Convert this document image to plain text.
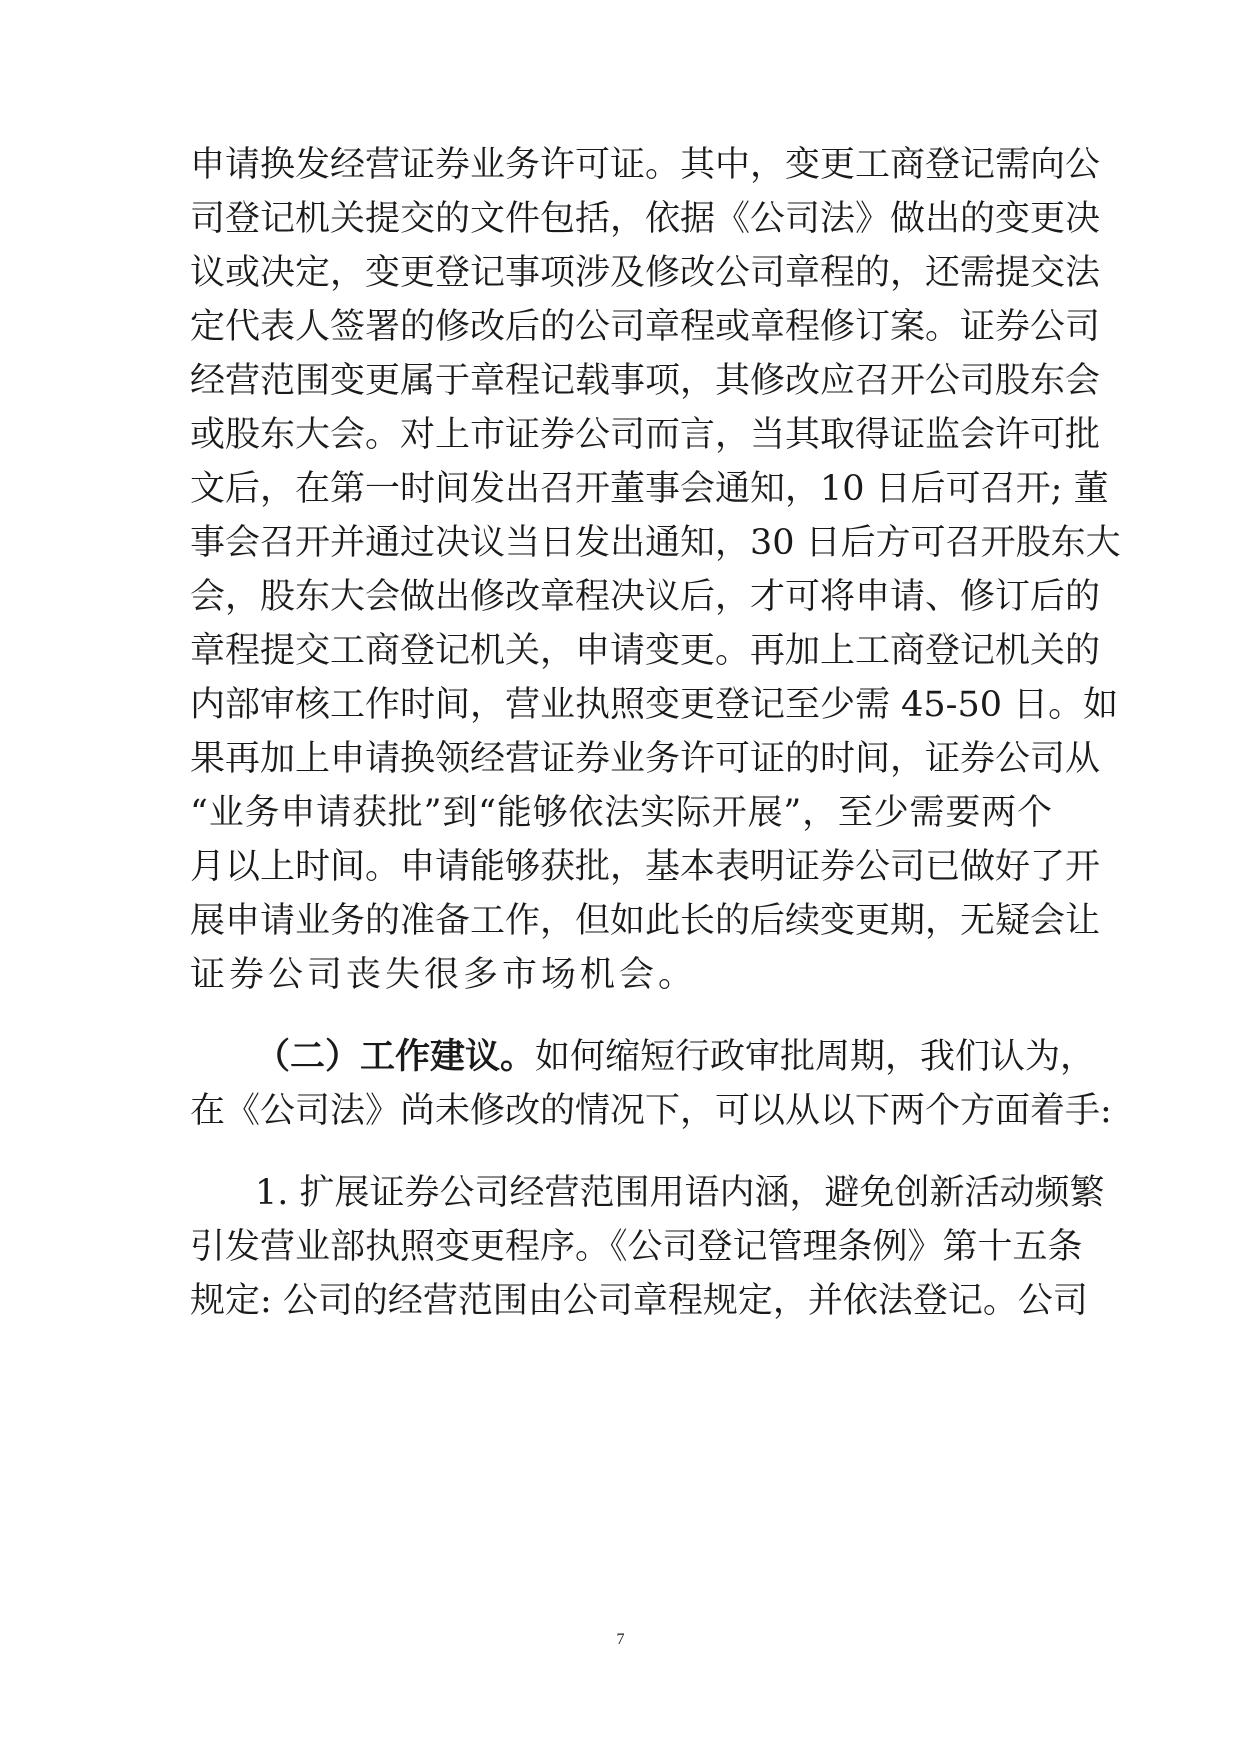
申请换发经营证券业务许可证。其中，变更工商登记需向公
司登记机关提交的文件包括，依据《公司法》做出的变更决
议或决定，变更登记事项涉及修改公司章程的，还需提交法
定代表人签署的修改后的公司章程或章程修订案。证券公司
经营范围变更属于章程记载事项，其修改应召开公司股东会
或股东大会。对上市证券公司而言，当其取得证监会许可批
文后，在第一时间发出召开董事会通知，10 日后可召开; 董
事会召开并通过决议当日发出通知，30 日后方可召开股东大
会，股东大会做出修改章程决议后，才可将申请、修订后的
章程提交工商登记机关，申请变更。再加上工商登记机关的
内部审核工作时间，营业执照变更登记至少需 45-50 日。如
果再加上申请换领经营证券业务许可证的时间，证券公司从
“业务申请获批”到“能够依法实际开展”，至少需要两个
月以上时间。申请能够获批，基本表明证券公司已做好了开
展申请业务的准备工作，但如此长的后续变更期，无疑会让
证券公司丧失很多市场机会。
（二）工作建议。如何缩短行政审批周期，我们认为，
在《公司法》尚未修改的情况下，可以从以下两个方面着手:
1. 扩展证券公司经营范围用语内涵，避免创新活动频繁
引发营业部执照变更程序。《公司登记管理条例》第十五条
规定: 公司的经营范围由公司章程规定，并依法登记。公司
7
